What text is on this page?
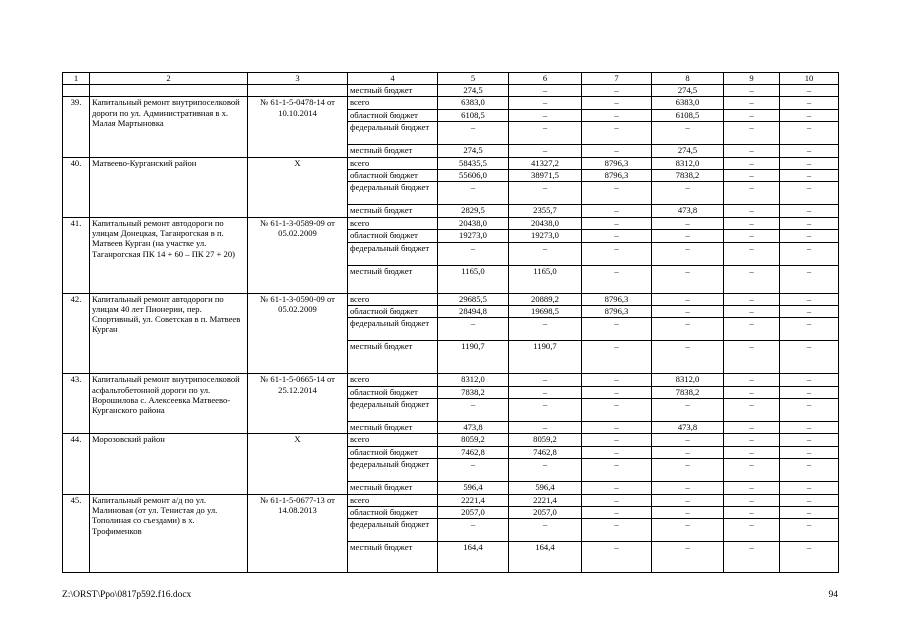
1	2	3	4	5	6	7	8	9	10
			местный бюджет	274,5	–	–	274,5	–	–
39.	Капитальный ремонт внутрипоселковой дороги по ул. Административная в х. Малая Мартыновка	№ 61-1-5-0478-14 от 10.10.2014	всего	6383,0	–	–	6383,0	–	–
			областной бюджет	6108,5	–	–	6108,5	–	–
			федеральный бюджет	–	–	–	–	–	–
			местный бюджет	274,5	–	–	274,5	–	–
40.	Матвеево-Курганский район	Х	всего	58435,5	41327,2	8796,3	8312,0	–	–
			областной бюджет	55606,0	38971,5	8796,3	7838,2	–	–
			федеральный бюджет	–	–	–	–	–	–
			местный бюджет	2829,5	2355,7	–	473,8	–	–
41.	Капитальный ремонт автодороги по улицам Донецкая, Таганрогская в п. Матвеев Курган (на участке ул. Таганрогская ПК 14 + 60 – ПК 27 + 20)	№ 61-1-3-0589-09 от 05.02.2009	всего	20438,0	20438,0	–	–	–	–
			областной бюджет	19273,0	19273,0	–	–	–	–
			федеральный бюджет	–	–	–	–	–	–
			местный бюджет	1165,0	1165,0	–	–	–	–
42.	Капитальный ремонт автодороги по улицам 40 лет Пионерии, пер. Спортивный, ул. Советская в п. Матвеев Курган	№ 61-1-3-0590-09 от 05.02.2009	всего	29685,5	20889,2	8796,3	–	–	–
			областной бюджет	28494,8	19698,5	8796,3	–	–	–
			федеральный бюджет	–	–	–	–	–	–
			местный бюджет	1190,7	1190,7	–	–	–	–
43.	Капитальный ремонт внутрипоселковой асфальтобетонной дороги по ул. Ворошилова с. Алексеевка Матвеево-Курганского района	№ 61-1-5-0665-14 от 25.12.2014	всего	8312,0	–	–	8312,0	–	–
			областной бюджет	7838,2	–	–	7838,2	–	–
			федеральный бюджет	–	–	–	–	–	–
			местный бюджет	473,8	–	–	473,8	–	–
44.	Морозовский район	Х	всего	8059,2	8059,2	–	–	–	–
			областной бюджет	7462,8	7462,8	–	–	–	–
			федеральный бюджет	–	–	–	–	–	–
			местный бюджет	596,4	596,4	–	–	–	–
45.	Капитальный ремонт а/д по ул. Малиновая (от ул. Тенистая до ул. Тополиная со съездами) в х. Трофименков	№ 61-1-5-0677-13 от 14.08.2013	всего	2221,4	2221,4	–	–	–	–
			областной бюджет	2057,0	2057,0	–	–	–	–
			федеральный бюджет	–	–	–	–	–	–
			местный бюджет	164,4	164,4	–	–	–	–
Z:\ORST\Ppo\0817p592.f16.docx	94
